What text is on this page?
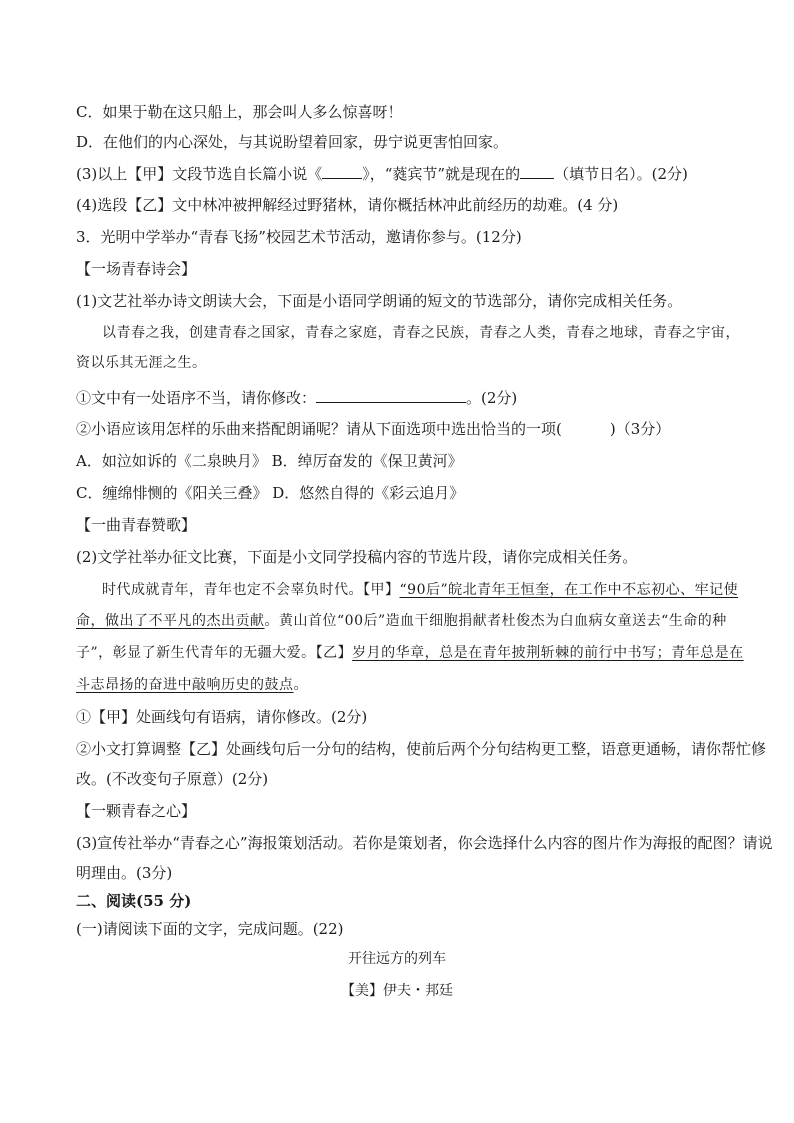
C．如果于勒在这只船上，那会叫人多么惊喜呀！
D．在他们的内心深处，与其说盼望着回家，毋宁说更害怕回家。
(3)以上【甲】文段节选自长篇小说《	》，“蕤宾节”就是现在的 （填节日名）。(2分)
(4)选段【乙】文中林冲被押解经过野猪林，请你概括林冲此前经历的劫难。(4 分)
3．光明中学举办“青春飞扬”校园艺术节活动，邀请你参与。(12分)
【一场青春诗会】
(1)文艺社举办诗文朗读大会，下面是小语同学朗诵的短文的节选部分，请你完成相关任务。
以青春之我，创建青春之国家，青春之家庭，青春之民族，青春之人类，青春之地球，青春之宇宙，
资以乐其无涯之生。
①文中有一处语序不当，请你修改：	。(2分)
②小语应该用怎样的乐曲来搭配朗诵呢？请从下面选项中选出恰当的一项(	)（3分）
A．如泣如诉的《二泉映月》 B．绰厉奋发的《保卫黄河》
C．缠绵悱恻的《阳关三叠》 D．悠然自得的《彩云追月》
【一曲青春赞歌】
(2)文学社举办征文比赛，下面是小文同学投稿内容的节选片段，请你完成相关任务。
时代成就青年，青年也定不会辜负时代。【甲】“90后”皖北青年王恒奎，在工作中不忘初心、牢记使
命，做出了不平凡的杰出贡献。黄山首位“00后”造血干细胞捐献者杜俊杰为白血病女童送去“生命的种
子”，彰显了新生代青年的无疆大爱。【乙】岁月的华章，总是在青年披荆斩棘的前行中书写；青年总是在
斗志昂扬的奋进中敲响历史的鼓点。
①【甲】处画线句有语病，请你修改。(2分)
②小文打算调整【乙】处画线句后一分句的结构，使前后两个分句结构更工整，语意更通畅，请你帮忙修
改。(不改变句子原意）(2分)
【一颗青春之心】
(3)宣传社举办“青春之心”海报策划活动。若你是策划者，你会选择什么内容的图片作为海报的配图？请说
明理由。(3分)
二、阅读(55 分)
(一)请阅读下面的文字，完成问题。(22)
开往远方的列车
【美】伊夫・邦廷
